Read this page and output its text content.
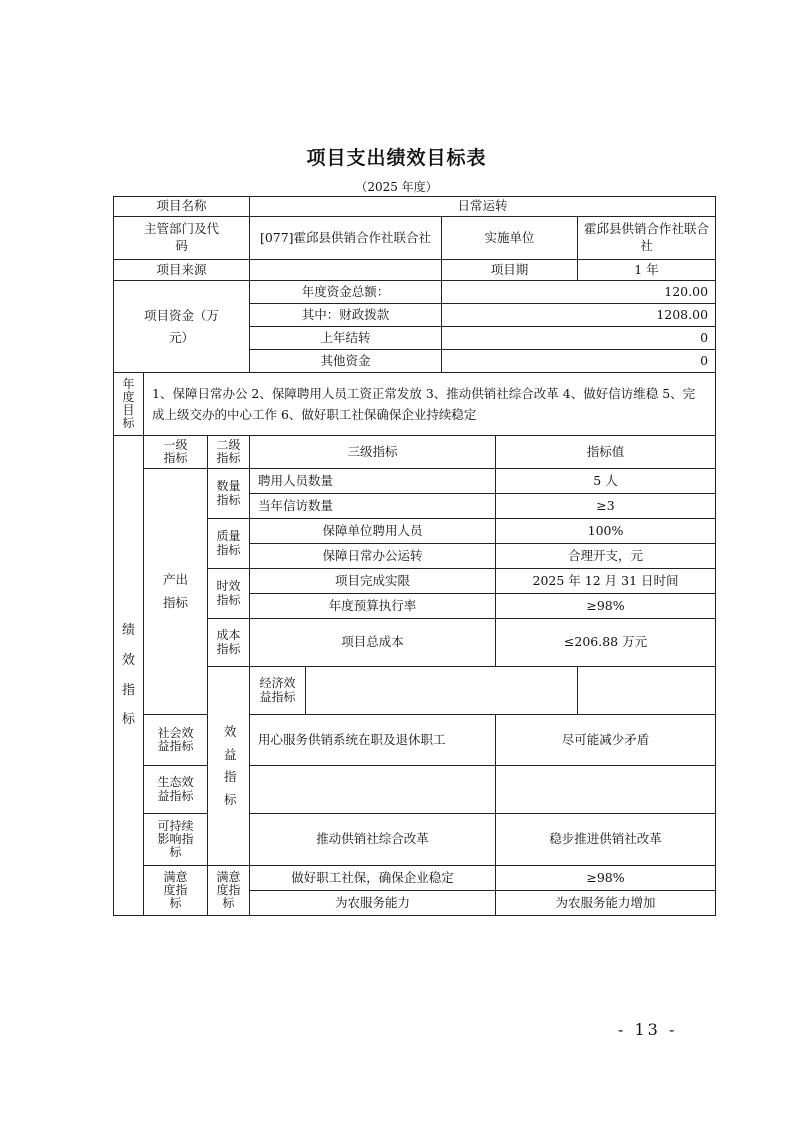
项目支出绩效目标表
（2025 年度）
项目名称			日常运转				
主管部门及代码			[077]霍邱县供销合作社联合社		实施单位		霍邱县供销合作社联合社
项目来源					项目期		1 年
项目资金（万元）			年度资金总额：		120.00		
			其中：财政拨款		1208.00		
			上年结转		0		
			其他资金		0		
年度目标	1、保障日常办公 2、保障聘用人员工资正常发放 3、推动供销社综合改革 4、做好信访维稳 5、完成上级交办的中心工作 6、做好职工社保确保企业持续稳定						
绩效指标	一级指标	二级指标	三级指标			指标值	
	产出指标	数量指标	聘用人员数量			5 人	
			当年信访数量			≥3	
		质量指标	保障单位聘用人员			100%	
			保障日常办公运转			合理开支，元	
		时效指标	项目完成实限			2025 年 12 月 31 日时间	
			年度预算执行率			≥98%	
		成本指标	项目总成本			≤206.88 万元	
		效益指标	经济效益指标				
	社会效益指标		用心服务供销系统在职及退休职工			尽可能减少矛盾	
	生态效益指标						
	可持续影响指标		推动供销社综合改革			稳步推进供销社改革	
	满意度指标	满意度指标	做好职工社保，确保企业稳定			≥98%	
			为农服务能力			为农服务能力增加	
- 13 -
